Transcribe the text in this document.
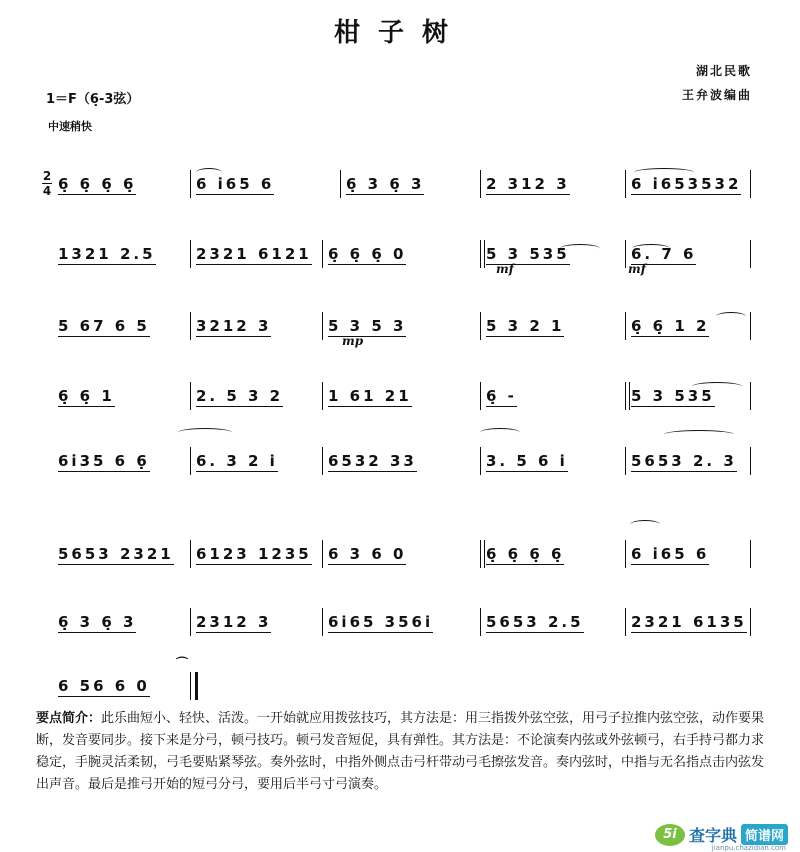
柑子树
湖北民歌
王弁波编曲
1＝F（6̣-3弦）
中速稍快
6̣ 6̣ 6̣ 6̣	6 i̇65 6	6̣ 3 6̣ 3	2 312 3	6 i̇653532
1321 2.5	2321 6121 6̣ 6̣ 6̣ 0	5 3 535	6. 7 6
5 67 6 5	3212 3	5 3 5 3	5 3 2 1	6̣ 6̣ 1 2
6̣ 6̣ 1	2. 5 3 2	1 61 21	6̣ -	5 3 535
6i̇35 6 6̣	6. 3 2 i	6532 33	3. 5 6 i	5653 2. 3
5653 2321 6123 1235 6 3 6 0	6̣ 6̣ 6̣ 6̣	6 i̇65 6
6̣ 3 6̣ 3	2312 3	6i65 356i	5653 2.5	2321 6135
6 56 6 0
要点简介：此乐曲短小、轻快、活泼。一开始就应用拨弦技巧，其方法是：用三指拨外弦空弦，用弓子拉推内弦空弦，动作要果断，发音要同步。接下来是分弓，顿弓技巧。顿弓发音短促，具有弹性。其方法是：不论演奏内弦或外弦顿弓，右手持弓都力求稳定，手腕灵活柔韧，弓毛要贴紧琴弦。奏外弦时，中指外侧点击弓杆带动弓毛擦弦发音。奏内弦时，中指与无名指点击内弦发出声音。最后是推弓开始的短弓分弓，要用后半弓寸弓演奏。
5i 查字典 简谱网
jianpu.chazidian.com
2
4
mf	mf
mp
⌒
